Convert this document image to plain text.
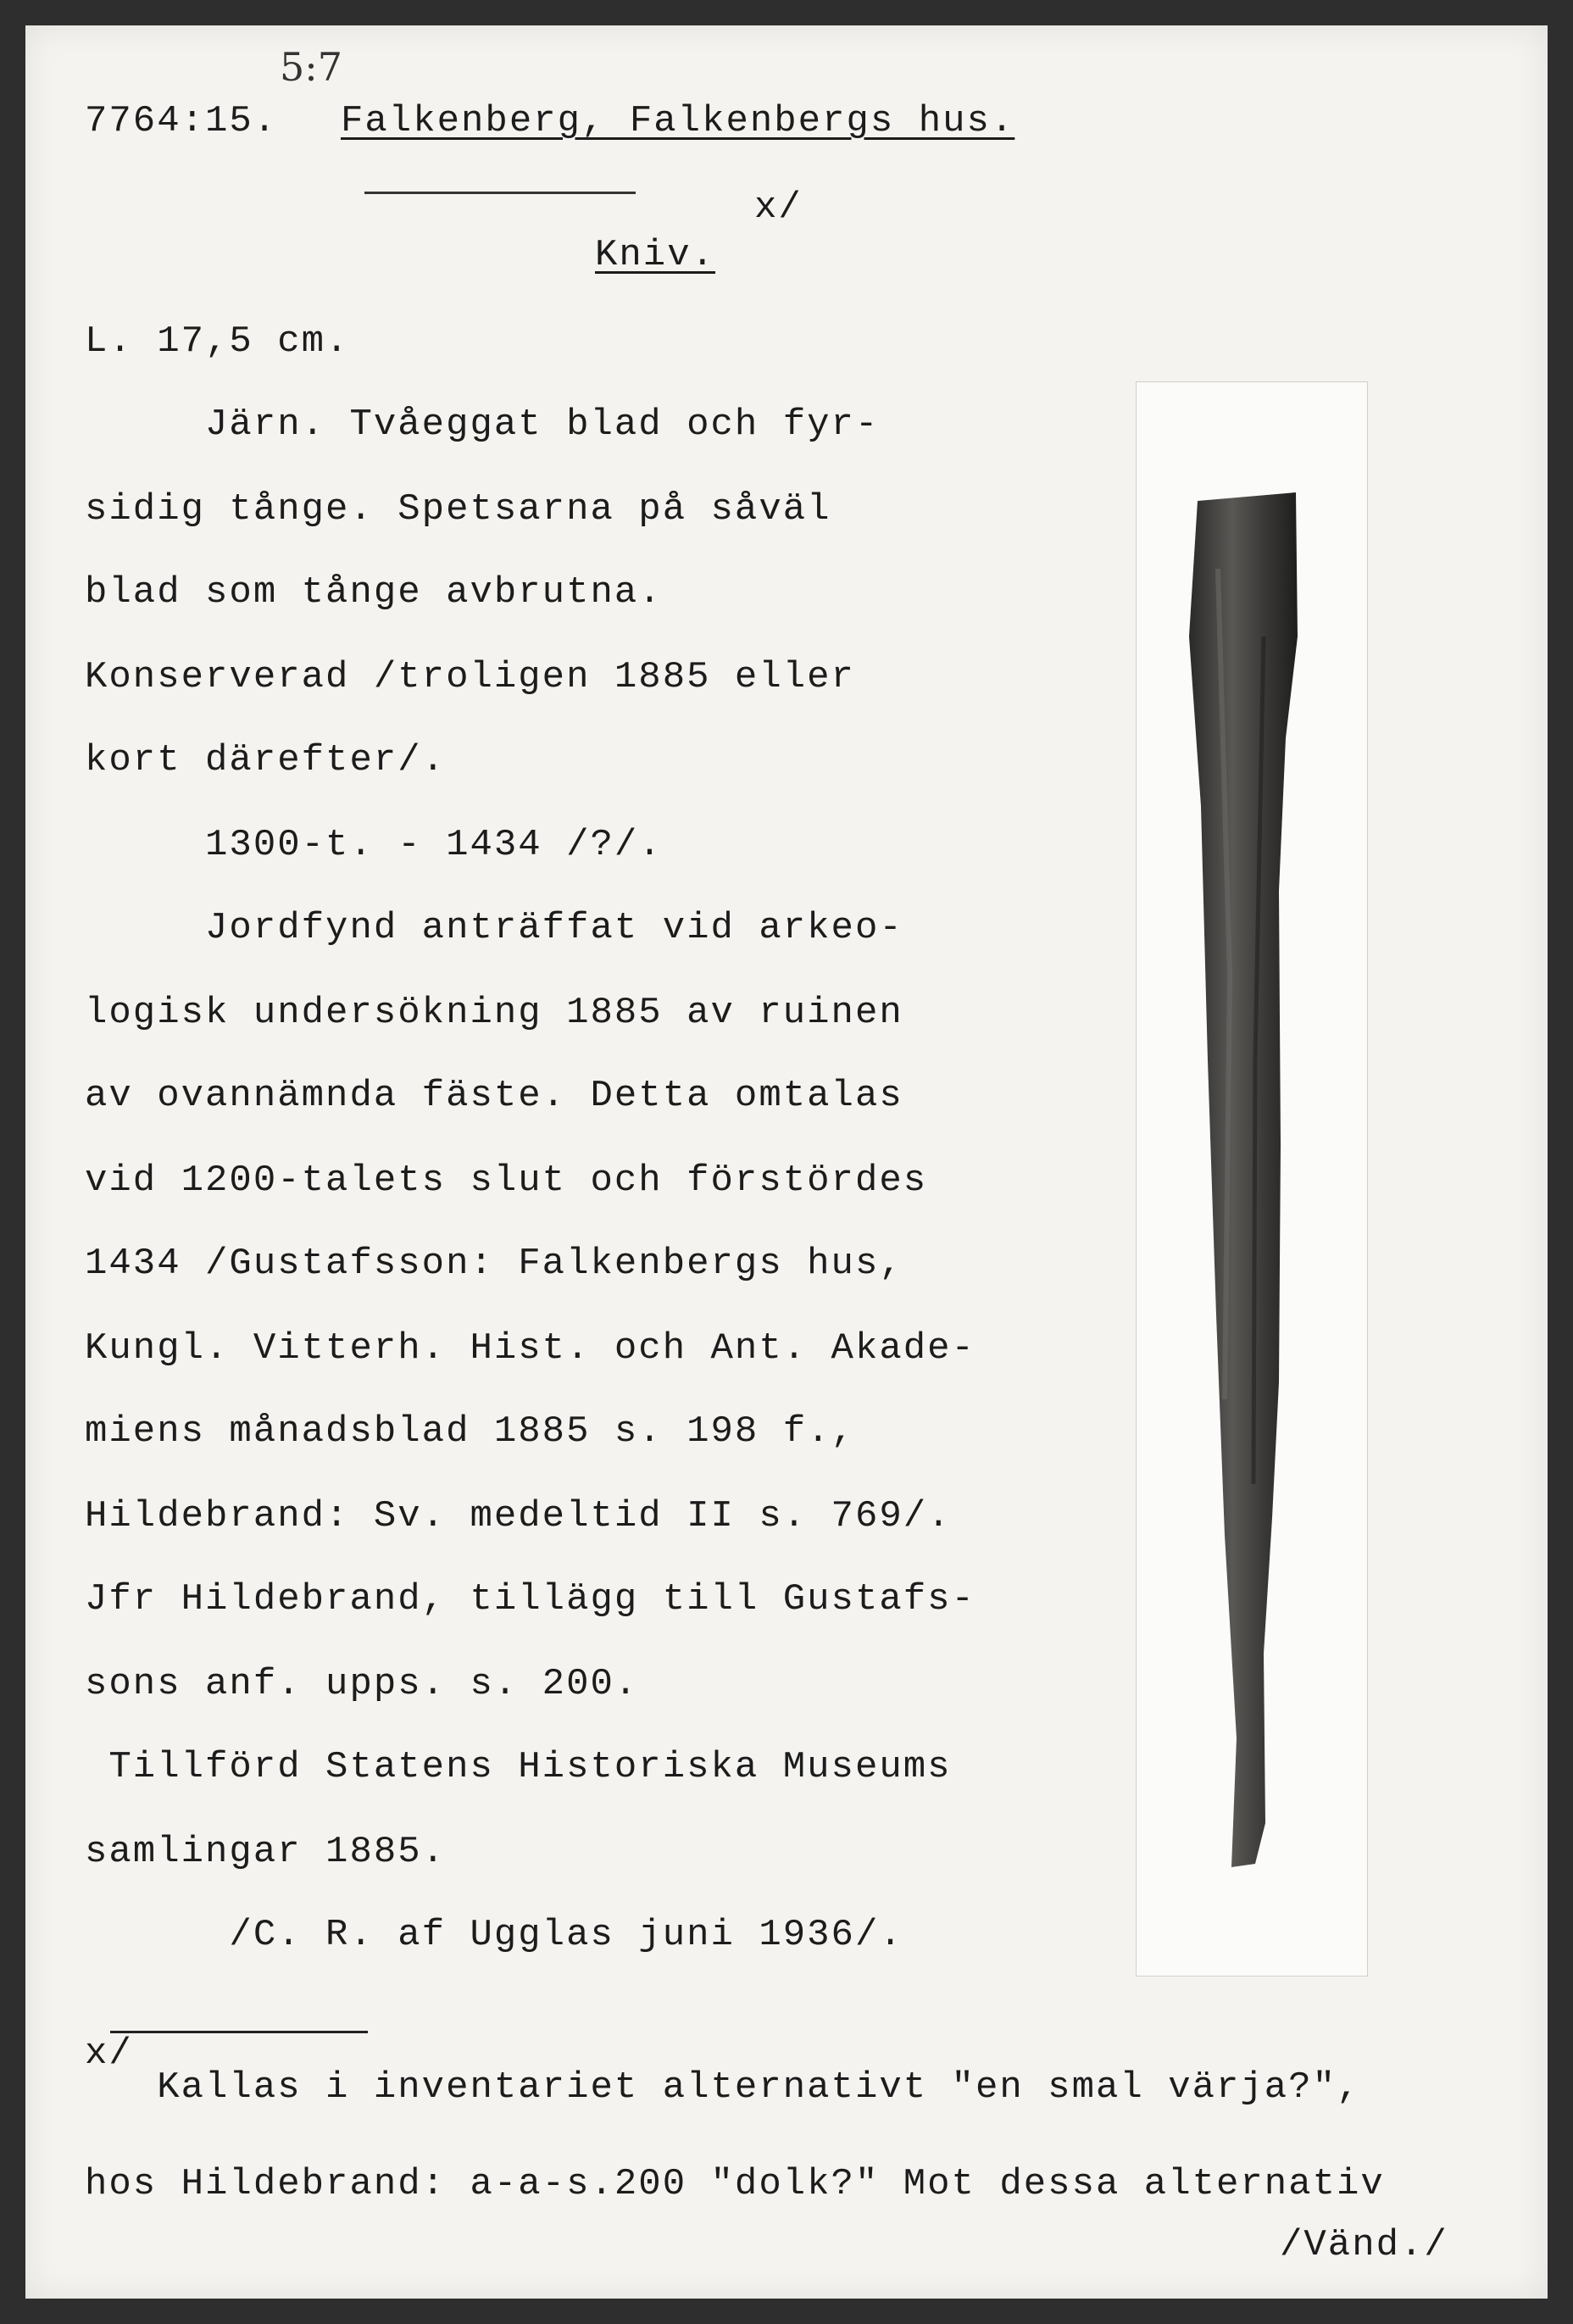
5:7
7764:15. Falkenberg, Falkenbergs hus.
x/
Kniv.
L. 17,5 cm.
Järn. Tvåeggat blad och fyr-
sidig tånge. Spetsarna på såväl
blad som tånge avbrutna.
Konserverad /troligen 1885 eller
kort därefter/.
1300-t. - 1434 /?/.
Jordfynd anträffat vid arkeo-
logisk undersökning 1885 av ruinen
av ovannämnda fäste. Detta omtalas
vid 1200-talets slut och förstördes
1434 /Gustafsson: Falkenbergs hus,
Kungl. Vitterh. Hist. och Ant. Akade-
miens månadsblad 1885 s. 198 f.,
Hildebrand: Sv. medeltid II s. 769/.
Jfr Hildebrand, tillägg till Gustafs-
sons anf. upps. s. 200.
Tillförd Statens Historiska Museums
samlingar 1885.
/C. R. af Ugglas juni 1936/.
x/
Kallas i inventariet alternativt "en smal värja?",
hos Hildebrand: a-a-s.200 "dolk?" Mot dessa alternativ
/Vänd./
